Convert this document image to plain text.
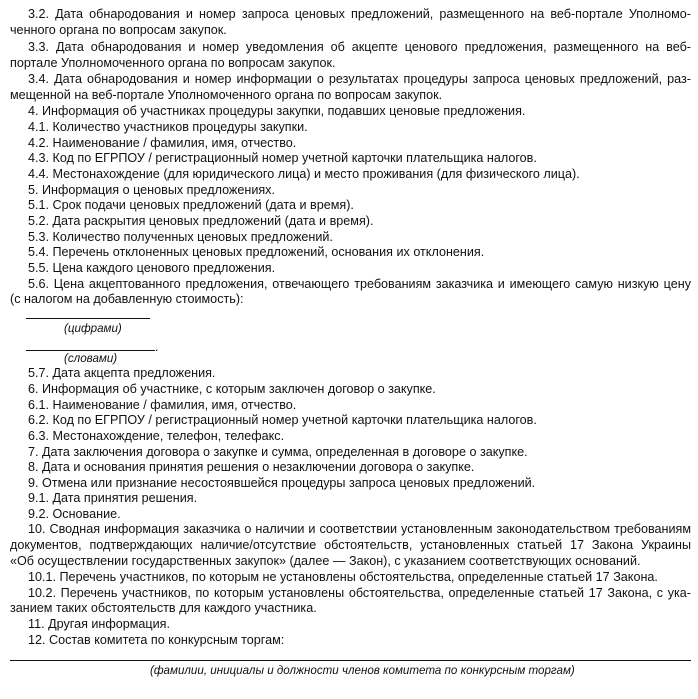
3.2. Дата обнародования и номер запроса ценовых предложений, размещенного на веб-портале Уполномо-
ченного органа по вопросам закупок.
3.3. Дата обнародования и номер уведомления об акцепте ценового предложения, размещенного на веб-
портале Уполномоченного органа по вопросам закупок.
3.4. Дата обнародования и номер информации о результатах процедуры запроса ценовых предложений, раз-
мещенной на веб-портале Уполномоченного органа по вопросам закупок.
4. Информация об участниках процедуры закупки, подавших ценовые предложения.
4.1. Количество участников процедуры закупки.
4.2. Наименование / фамилия, имя, отчество.
4.3. Код по ЕГРПОУ / регистрационный номер учетной карточки плательщика налогов.
4.4. Местонахождение (для юридического лица) и место проживания (для физического лица).
5. Информация о ценовых предложениях.
5.1. Срок подачи ценовых предложений (дата и время).
5.2. Дата раскрытия ценовых предложений (дата и время).
5.3. Количество полученных ценовых предложений.
5.4. Перечень отклоненных ценовых предложений, основания их отклонения.
5.5. Цена каждого ценового предложения.
5.6. Цена акцептованного предложения, отвечающего требованиям заказчика и имеющего самую низкую цену
(с налогом на добавленную стоимость):
(цифрами)
.
(словами)
5.7. Дата акцепта предложения.
6. Информация об участнике, с которым заключен договор о закупке.
6.1. Наименование / фамилия, имя, отчество.
6.2. Код по ЕГРПОУ / регистрационный номер учетной карточки плательщика налогов.
6.3. Местонахождение, телефон, телефакс.
7. Дата заключения договора о закупке и сумма, определенная в договоре о закупке.
8. Дата и основания принятия решения о незаключении договора о закупке.
9. Отмена или признание несостоявшейся процедуры запроса ценовых предложений.
9.1. Дата принятия решения.
9.2. Основание.
10. Сводная информация заказчика о наличии и соответствии установленным законодательством требованиям
документов, подтверждающих наличие/отсутствие обстоятельств, установленных статьей 17 Закона Украины
«Об осуществлении государственных закупок» (далее — Закон), с указанием соответствующих оснований.
10.1. Перечень участников, по которым не установлены обстоятельства, определенные статьей 17 Закона.
10.2. Перечень участников, по которым установлены обстоятельства, определенные статьей 17 Закона, с ука-
занием таких обстоятельств для каждого участника.
11. Другая информация.
12. Состав комитета по конкурсным торгам:
(фамилии, инициалы и должности членов комитета по конкурсным торгам)
